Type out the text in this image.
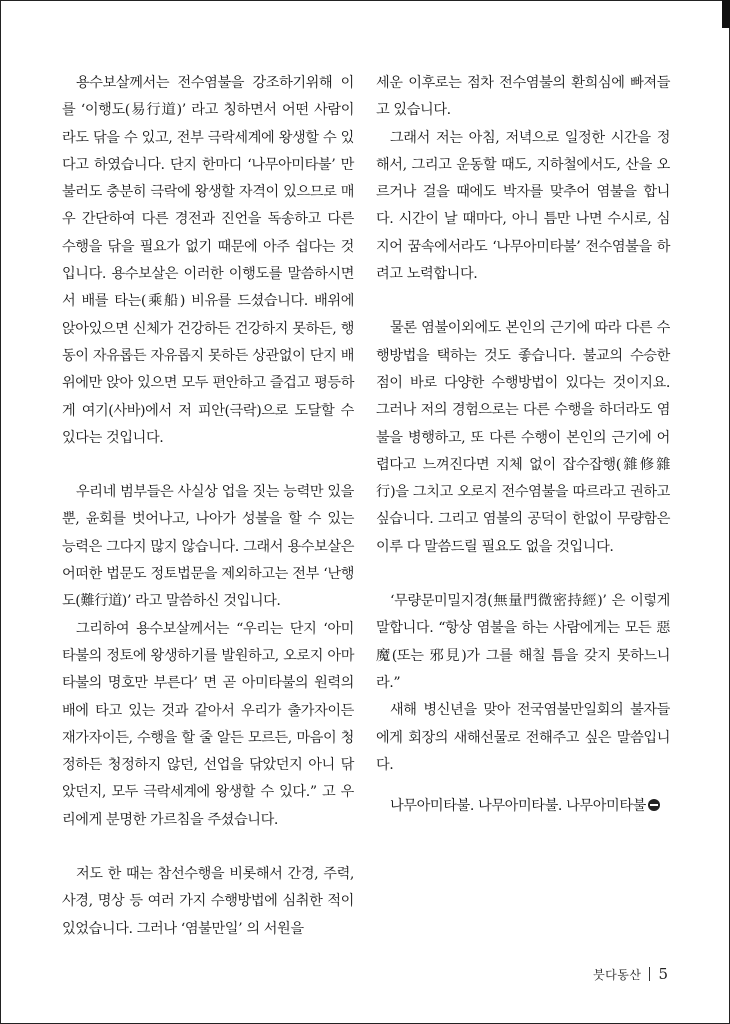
용수보살께서는 전수염불을 강조하기위해 이를 ‘이행도(易行道)’ 라고 칭하면서 어떤 사람이라도 닦을 수 있고, 전부 극락세계에 왕생할 수 있다고 하였습니다. 단지 한마디 ‘나무아미타불’ 만 불러도 충분히 극락에 왕생할 자격이 있으므로 매우 간단하여 다른 경전과 진언을 독송하고 다른 수행을 닦을 필요가 없기 때문에 아주 쉽다는 것입니다. 용수보살은 이러한 이행도를 말씀하시면서 배를 타는(乘船) 비유를 드셨습니다. 배위에 앉아있으면 신체가 건강하든 건강하지 못하든, 행동이 자유롭든 자유롭지 못하든 상관없이 단지 배위에만 앉아 있으면 모두 편안하고 즐겁고 평등하게 여기(사바)에서 저 피안(극락)으로 도달할 수 있다는 것입니다.

우리네 범부들은 사실상 업을 짓는 능력만 있을 뿐, 윤회를 벗어나고, 나아가 성불을 할 수 있는 능력은 그다지 많지 않습니다. 그래서 용수보살은 어떠한 법문도 정토법문을 제외하고는 전부 ‘난행도(難行道)’ 라고 말씀하신 것입니다.

그리하여 용수보살께서는 “우리는 단지 ‘아미타불의 정토에 왕생하기를 발원하고, 오로지 아마타불의 명호만 부른다’ 면 곧 아미타불의 원력의 배에 타고 있는 것과 같아서 우리가 출가자이든 재가자이든, 수행을 할 줄 알든 모르든, 마음이 청정하든 청정하지 않던, 선업을 닦았던지 아니 닦았던지, 모두 극락세계에 왕생할 수 있다.” 고 우리에게 분명한 가르침을 주셨습니다.

저도 한 때는 참선수행을 비롯해서 간경, 주력, 사경, 명상 등 여러 가지 수행방법에 심취한 적이 있었습니다. 그러나 ‘염불만일’ 의 서원을

세운 이후로는 점차 전수염불의 환희심에 빠져들고 있습니다.

그래서 저는 아침, 저녁으로 일정한 시간을 정해서, 그리고 운동할 때도, 지하철에서도, 산을 오르거나 걸을 때에도 박자를 맞추어 염불을 합니다. 시간이 날 때마다, 아니 틈만 나면 수시로, 심지어 꿈속에서라도 ‘나무아미타불’ 전수염불을 하려고 노력합니다.

물론 염불이외에도 본인의 근기에 따라 다른 수행방법을 택하는 것도 좋습니다. 불교의 수승한 점이 바로 다양한 수행방법이 있다는 것이지요. 그러나 저의 경험으로는 다른 수행을 하더라도 염불을 병행하고, 또 다른 수행이 본인의 근기에 어렵다고 느껴진다면 지체 없이 잡수잡행(雜修雜行)을 그치고 오로지 전수염불을 따르라고 권하고 싶습니다. 그리고 염불의 공덕이 한없이 무량함은 이루 다 말씀드릴 필요도 없을 것입니다.

‘무량문미밀지경(無量門微密持經)’ 은 이렇게 말합니다. “항상 염불을 하는 사람에게는 모든 惡魔(또는 邪見)가 그를 해칠 틈을 갖지 못하느니라.”

새해 병신년을 맞아 전국염불만일회의 불자들에게 회장의 새해선물로 전해주고 싶은 말씀입니다.

나무아미타불. 나무아미타불. 나무아미타불

붓다동산 5
